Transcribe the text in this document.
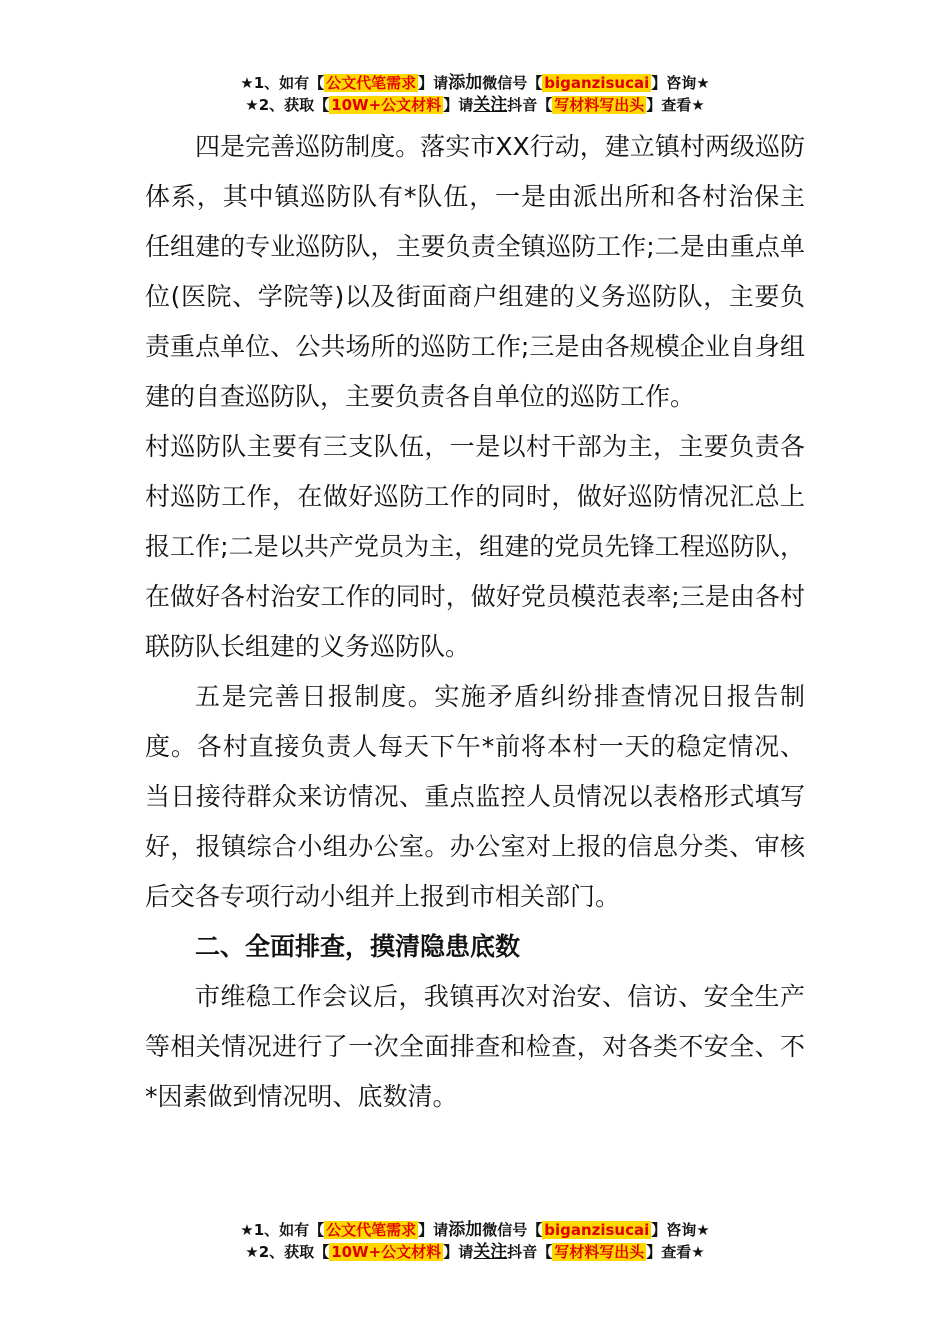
★1、如有【 公文代笔需求 】请添加微信号【 biganzisucai 】咨询★
★2、获取【 10W+公文材料 】请关注抖音【 写材料写出头 】查看★

四是完善巡防制度。落实市XX行动，建立镇村两级巡防体系，其中镇巡防队有*队伍，一是由派出所和各村治保主任组建的专业巡防队，主要负责全镇巡防工作;二是由重点单位(医院、学院等)以及街面商户组建的义务巡防队，主要负责重点单位、公共场所的巡防工作;三是由各规模企业自身组建的自查巡防队，主要负责各自单位的巡防工作。

村巡防队主要有三支队伍，一是以村干部为主，主要负责各村巡防工作，在做好巡防工作的同时，做好巡防情况汇总上报工作;二是以共产党员为主，组建的党员先锋工程巡防队，在做好各村治安工作的同时，做好党员模范表率;三是由各村联防队长组建的义务巡防队。

五是完善日报制度。实施矛盾纠纷排查情况日报告制度。各村直接负责人每天下午*前将本村一天的稳定情况、当日接待群众来访情况、重点监控人员情况以表格形式填写好，报镇综合小组办公室。办公室对上报的信息分类、审核后交各专项行动小组并上报到市相关部门。

二、全面排查，摸清隐患底数

市维稳工作会议后，我镇再次对治安、信访、安全生产等相关情况进行了一次全面排查和检查，对各类不安全、不*因素做到情况明、底数清。

★1、如有【 公文代笔需求 】请添加微信号【 biganzisucai 】咨询★
★2、获取【 10W+公文材料 】请关注抖音【 写材料写出头 】查看★
